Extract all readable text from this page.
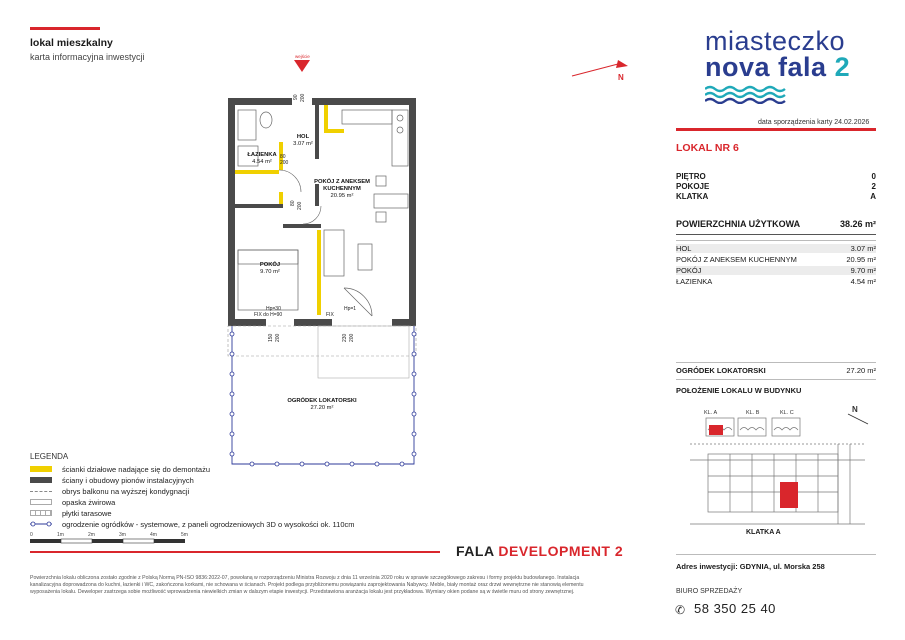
lokal mieszkalny
karta informacyjna inwestycji
miasteczko
nova fala 2
data sporządzenia karty 24.02.2026
LOKAL NR 6
PIĘTRO	0
POKOJE	2
KLATKA	A
POWIERZCHNIA UŻYTKOWA	38.26 m²
HOL	3.07 m²
POKÓJ Z ANEKSEM KUCHENNYM	20.95 m²
POKÓJ	9.70 m²
ŁAZIENKA	4.54 m²
OGRÓDEK LOKATORSKI	27.20 m²
POŁOŻENIE LOKALU W BUDYNKU
KL. A	KL. B	KL. C	N
KLATKA A
N
90 200
80
200
80 200
150 200	230 200
Hp=30
FIX do H=90
Hp=1
FIX
wejście
HOL
3.07 m²
ŁAZIENKA
4.54 m²
POKÓJ Z ANEKSEM
KUCHENNYM
20.95 m²
POKÓJ
9.70 m²
OGRÓDEK LOKATORSKI
27.20 m²
LEGENDA
ścianki działowe nadające się do demontażu
ściany i obudowy pionów instalacyjnych
obrys balkonu na wyższej kondygnacji
opaska żwirowa
płytki tarasowe
ogrodzenie ogródków - systemowe, z paneli ogrodzeniowych 3D o wysokości ok. 110cm
0	1m	2m	3m	4m	5m
FALA DEVELOPMENT 2
Powierzchnia lokalu obliczona zostało zgodnie z Polską Normą PN-ISO 9836:2022-07, powołaną w rozporządzeniu Ministra Rozwoju z dnia 11 września 2020 roku w sprawie szczegółowego zakresu i formy projektu budowlanego. Instalacja kanalizacyjna doprowadzona do kuchni, łazienki i WC, zakończona korkami, nie schowana w ścianach. Projekt podlega przybliżonemu powiązaniu zaprojektowania Nabywcy. Meble, biały montaż oraz drzwi wewnętrzne nie stanowią elementu wyposażenia lokalu. Deweloper zastrzega sobie możliwość wprowadzenia niewielkich zmian w dalszym etapie inwestycji. Przedstawiona aranżacja lokalu jest przykładowa. Wymiary okien podane są w świetle muru od strony zewnętrznej.
Adres inwestycji: GDYNIA, ul. Morska 258
BIURO SPRZEDAŻY
✆ 58 350 25 40
